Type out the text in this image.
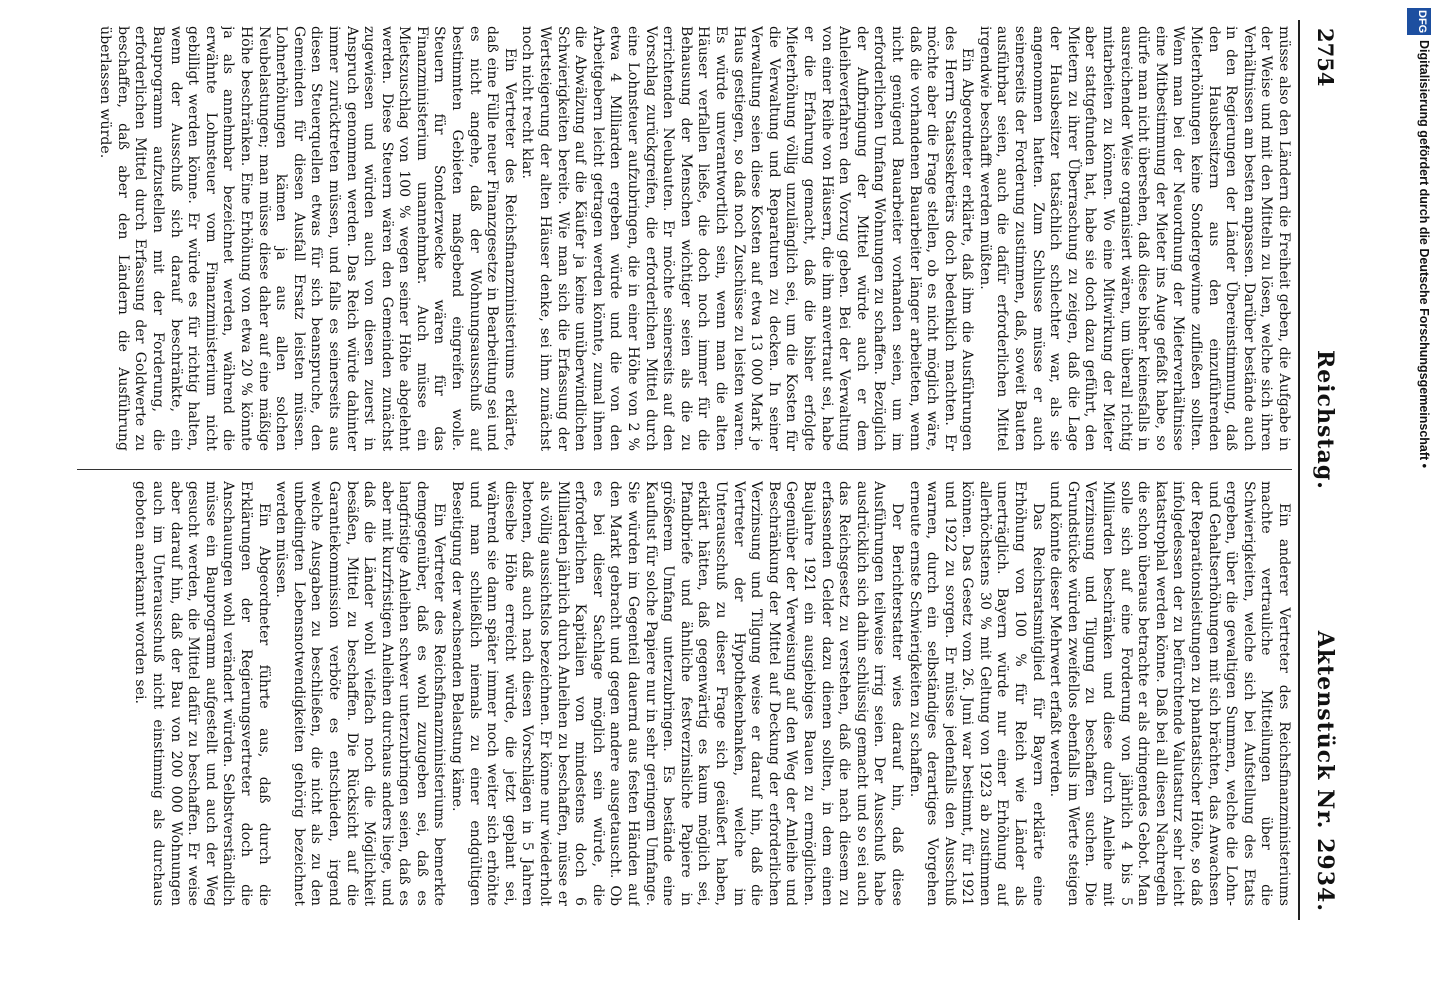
2754
Reichstag.
Aktenstück Nr. 2934.

müsse also den Ländern die Freiheit geben, die Aufgabe in der Weise und mit den Mitteln zu lösen, welche sich ihren Verhältnissen am besten anpassen. Darüber bestände auch in den Regierungen der Länder Übereinstimmung, daß den Hausbesitzern aus den einzuführenden Mieterhöhungen keine Sondergewinne zufließen sollten. Wenn man bei der Neuordnung der Mieterverhältnisse eine Mitbestimmung der Mieter ins Auge gefaßt habe, so dürfe man nicht übersehen, daß diese bisher keinesfalls in ausreichender Weise organisiert wären, um überall richtig mitarbeiten zu können. Wo eine Mitwirkung der Mieter aber stattgefunden hat, habe sie doch dazu geführt, den Mietern zu ihrer Überraschung zu zeigen, daß die Lage der Hausbesitzer tatsächlich schlechter war, als sie angenommen hatten. Zum Schlusse müsse er auch seinerseits der Forderung zustimmen, daß, soweit Bauten ausführbar seien, auch die dafür erforderlichen Mittel irgendwie beschafft werden müßten.

Ein Abgeordneter erklärte, daß ihm die Ausführungen des Herrn Staatssekretärs doch bedenklich machten. Er möchte aber die Frage stellen, ob es nicht möglich wäre, daß die vorhandenen Bauarbeiter länger arbeiteten, wenn nicht genügend Bauarbeiter vorhanden seien, um im erforderlichen Umfang Wohnungen zu schaffen. Bezüglich der Aufbringung der Mittel würde auch er dem Anleiheverfahren den Vorzug geben. Bei der Verwaltung von einer Reihe von Häusern, die ihm anvertraut sei, habe er die Erfahrung gemacht, daß die bisher erfolgte Mieterhöhung völlig unzulänglich sei, um die Kosten für die Verwaltung und Reparaturen zu decken. In seiner Verwaltung seien diese Kosten auf etwa 13 000 Mark je Haus gestiegen, so daß noch Zuschüsse zu leisten waren. Es würde unverantwortlich sein, wenn man die alten Häuser verfallen ließe, die doch noch immer für die Behausung der Menschen wichtiger seien als die zu errichtenden Neubauten. Er möchte seinerseits auf den Vorschlag zurückgreifen, die erforderlichen Mittel durch eine Lohnsteuer aufzubringen, die in einer Höhe von 2 % etwa 4 Milliarden ergeben würde und die von den Arbeitgebern leicht getragen werden könnte, zumal ihnen die Abwälzung auf die Käufer ja keine unüberwindlichen Schwierigkeiten bereite. Wie man sich die Erfassung der Wertsteigerung der alten Häuser denke, sei ihm zunächst noch nicht recht klar.

Ein Vertreter des Reichsfinanzministeriums erklärte, daß eine Fülle neuer Finanzgesetze in Bearbeitung sei und es nicht angehe, daß der Wohnungsausschuß auf bestimmten Gebieten maßgebend eingreifen wolle. Steuern für Sonderzwecke wären für das Finanzministerium unannehmbar. Auch müsse ein Mietszuschlag von 100 % wegen seiner Höhe abgelehnt werden. Diese Steuern wären den Gemeinden zunächst zugewiesen und würden auch von diesen zuerst in Anspruch genommen werden. Das Reich würde dahinter immer zurücktreten müssen, und falls es seinerseits aus diesen Steuerquellen etwas für sich beanspruche, den Gemeinden für diesen Ausfall Ersatz leisten müssen. Lohnerhöhungen kämen ja aus allen solchen Neubelastungen; man müsse diese daher auf eine mäßige Höhe beschränken. Eine Erhöhung von etwa 20 % könnte ja als annehmbar bezeichnet werden, während die erwähnte Lohnsteuer vom Finanzministerium nicht gebilligt werden könne. Er würde es für richtig halten, wenn der Ausschuß sich darauf beschränkte, ein Bauprogramm aufzustellen mit der Forderung, die erforderlichen Mittel durch Erfassung der Goldwerte zu beschaffen, daß aber den Ländern die Ausführung überlassen würde.

Ein anderer Vertreter des Reichsfinanzministeriums machte vertrauliche Mitteilungen über die Schwierigkeiten, welche sich bei Aufstellung des Etats ergeben, über die gewaltigen Summen, welche die Lohn- und Gehaltserhöhungen mit sich brächten, das Anwachsen der Reparationsleistungen zu phantastischer Höhe, so daß infolgedessen der zu befürchtende Valutasturz sehr leicht katastrophal werden könne. Daß bei all diesen Nachregeln die schon überaus betrachte er als dringendes Gebot. Man solle sich auf eine Forderung von jährlich 4 bis 5 Milliarden beschränken und diese durch Anleihe mit Verzinsung und Tilgung zu beschaffen suchen. Die Grundstücke würden zweifellos ebenfalls im Werte steigen und könnte dieser Mehrwert erfaßt werden.

Das Reichsratsmitglied für Bayern erklärte eine Erhöhung von 100 % für Reich wie Länder als unerträglich. Bayern würde nur einer Erhöhung auf allerhöchstens 30 % mit Geltung von 1923 ab zustimmen können. Das Gesetz vom 26. Juni war bestimmt, für 1921 und 1922 zu sorgen. Er müsse jedenfalls den Ausschuß warnen, durch ein selbständiges derartiges Vorgehen erneute ernste Schwierigkeiten zu schaffen.

Der Berichterstatter wies darauf hin, daß diese Ausführungen teilweise irrig seien. Der Ausschuß habe ausdrücklich sich dahin schlüssig gemacht und so sei auch das Reichsgesetz zu verstehen, daß die nach diesem zu erfassenden Gelder dazu dienen sollten, in dem einen Baujahre 1921 ein ausgiebiges Bauen zu ermöglichen. Gegenüber der Verweisung auf den Weg der Anleihe und Beschränkung der Mittel auf Deckung der erforderlichen Verzinsung und Tilgung weise er darauf hin, daß die Vertreter der Hypothekenbanken, welche im Unterausschuß zu dieser Frage sich geäußert haben, erklärt hätten, daß gegenwärtig es kaum möglich sei, Pfandbriefe und ähnliche festverzinsliche Papiere in größerem Umfang unterzubringen. Es bestände eine Kauflust für solche Papiere nur in sehr geringem Umfange. Sie würden im Gegenteil dauernd aus festen Händen auf den Markt gebracht und gegen andere ausgetauscht. Ob es bei dieser Sachlage möglich sein würde, die erforderlichen Kapitalien von mindestens doch 6 Milliarden jährlich durch Anleihen zu beschaffen, müsse er als völlig aussichtslos bezeichnen. Er könne nur wiederholt betonen, daß auch nach diesen Vorschlägen in 5 Jahren dieselbe Höhe erreicht würde, die jetzt geplant sei, während sie dann später immer noch weiter sich erhöhte und man schließlich niemals zu einer endgültigen Beseitigung der wachsenden Belastung käme.

Ein Vertreter des Reichsfinanzministeriums bemerkte demgegenüber, daß es wohl zuzugeben sei, daß es langfristige Anleihen schwer unterzubringen seien, daß es aber mit kurzfristigen Anleihen durchaus anders liege, und daß die Länder wohl vielfach noch die Möglichkeit besäßen, Mittel zu beschaffen. Die Rücksicht auf die Garantiekommission verböte es entschieden, irgend welche Ausgaben zu beschließen, die nicht als zu den unbedingten Lebensnotwendigkeiten gehörig bezeichnet werden müssen.

Ein Abgeordneter führte aus, daß durch die Erklärungen der Regierungsvertreter doch die Anschauungen wohl verändert würden. Selbstverständlich müsse ein Bauprogramm aufgestellt und auch der Weg gesucht werden, die Mittel dafür zu beschaffen. Er weise aber darauf hin, daß der Bau von 200 000 Wohnungen auch im Unterausschuß nicht einstimmig als durchaus geboten anerkannt worden sei.

DFG
Digitalisierung gefördert durch die Deutsche Forschungsgemeinschaft •
